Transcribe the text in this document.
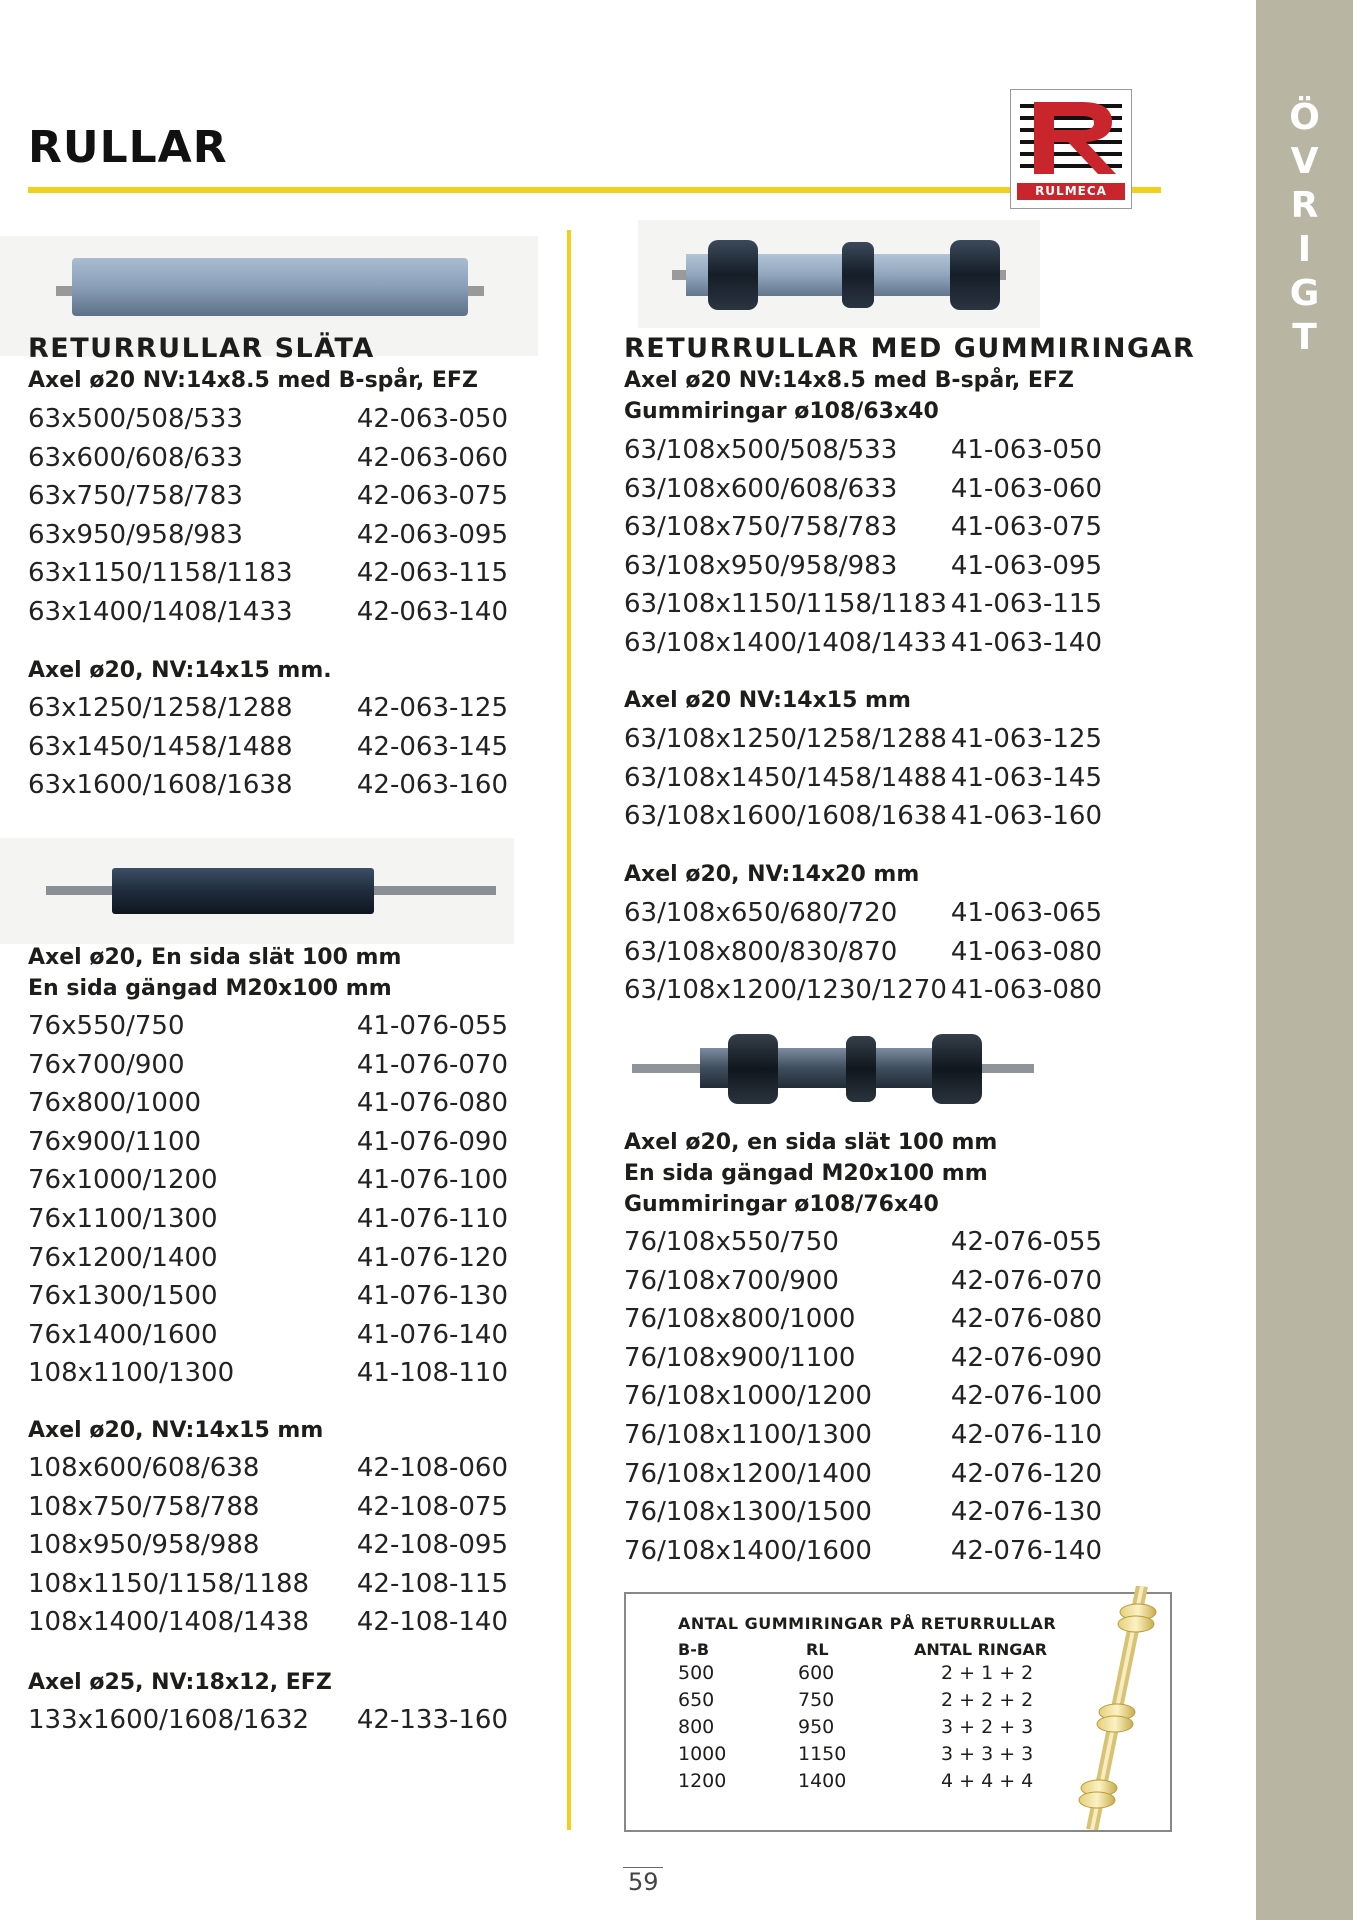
Ö
V
R
I
G
T
RULLAR
RULMECA
RETURRULLAR SLÄTA
Axel ø20 NV:14x8.5 med B-spår, EFZ
63x500/508/533	42-063-050
63x600/608/633	42-063-060
63x750/758/783	42-063-075
63x950/958/983	42-063-095
63x1150/1158/1183 42-063-115
63x1400/1408/1433 42-063-140
Axel ø20, NV:14x15 mm.
63x1250/1258/1288 42-063-125
63x1450/1458/1488 42-063-145
63x1600/1608/1638 42-063-160
Axel ø20, En sida slät 100 mm
En sida gängad M20x100 mm
76x550/750	41-076-055
76x700/900	41-076-070
76x800/1000	41-076-080
76x900/1100	41-076-090
76x1000/1200	41-076-100
76x1100/1300	41-076-110
76x1200/1400	41-076-120
76x1300/1500	41-076-130
76x1400/1600	41-076-140
108x1100/1300	41-108-110
Axel ø20, NV:14x15 mm
108x600/608/638	42-108-060
108x750/758/788	42-108-075
108x950/958/988	42-108-095
108x1150/1158/1188 42-108-115
108x1400/1408/1438 42-108-140
Axel ø25, NV:18x12, EFZ
133x1600/1608/1632 42-133-160
RETURRULLAR MED GUMMIRINGAR
Axel ø20 NV:14x8.5 med B-spår, EFZ
Gummiringar ø108/63x40
63/108x500/508/533 41-063-050
63/108x600/608/633 41-063-060
63/108x750/758/783 41-063-075
63/108x950/958/983 41-063-095
63/108x1150/1158/1183 41-063-115
63/108x1400/1408/1433 41-063-140
Axel ø20 NV:14x15 mm
63/108x1250/1258/1288 41-063-125
63/108x1450/1458/1488 41-063-145
63/108x1600/1608/1638 41-063-160
Axel ø20, NV:14x20 mm
63/108x650/680/720 41-063-065
63/108x800/830/870 41-063-080
63/108x1200/1230/1270 41-063-080
Axel ø20, en sida slät 100 mm
En sida gängad M20x100 mm
Gummiringar ø108/76x40
76/108x550/750	42-076-055
76/108x700/900	42-076-070
76/108x800/1000	42-076-080
76/108x900/1100	42-076-090
76/108x1000/1200	42-076-100
76/108x1100/1300	42-076-110
76/108x1200/1400	42-076-120
76/108x1300/1500	42-076-130
76/108x1400/1600	42-076-140
ANTAL GUMMIRINGAR PÅ RETURRULLAR
B-B	RL	ANTAL RINGAR
500	600	2 + 1 + 2
650	750	2 + 2 + 2
800	950	3 + 2 + 3
1000	1150	3 + 3 + 3
1200	1400	4 + 4 + 4
59
